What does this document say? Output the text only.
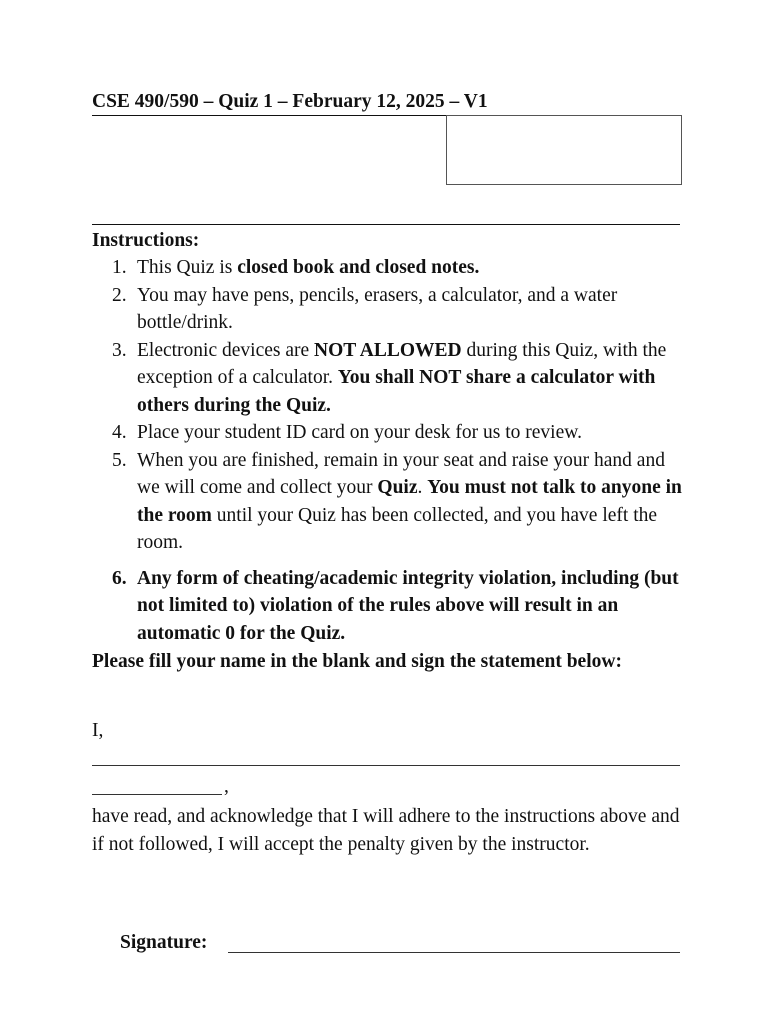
CSE 490/590 – Quiz 1 – February 12, 2025 – V1
Instructions:
1. This Quiz is closed book and closed notes.
2. You may have pens, pencils, erasers, a calculator, and a water bottle/drink.
3. Electronic devices are NOT ALLOWED during this Quiz, with the exception of a calculator. You shall NOT share a calculator with others during the Quiz.
4. Place your student ID card on your desk for us to review.
5. When you are finished, remain in your seat and raise your hand and we will come and collect your Quiz. You must not talk to anyone in the room until your Quiz has been collected, and you have left the room.
6. Any form of cheating/academic integrity violation, including (but not limited to) violation of the rules above will result in an automatic 0 for the Quiz.
Please fill your name in the blank and sign the statement below:
I,
,
have read, and acknowledge that I will adhere to the instructions above and if not followed, I will accept the penalty given by the instructor.
Signature:
